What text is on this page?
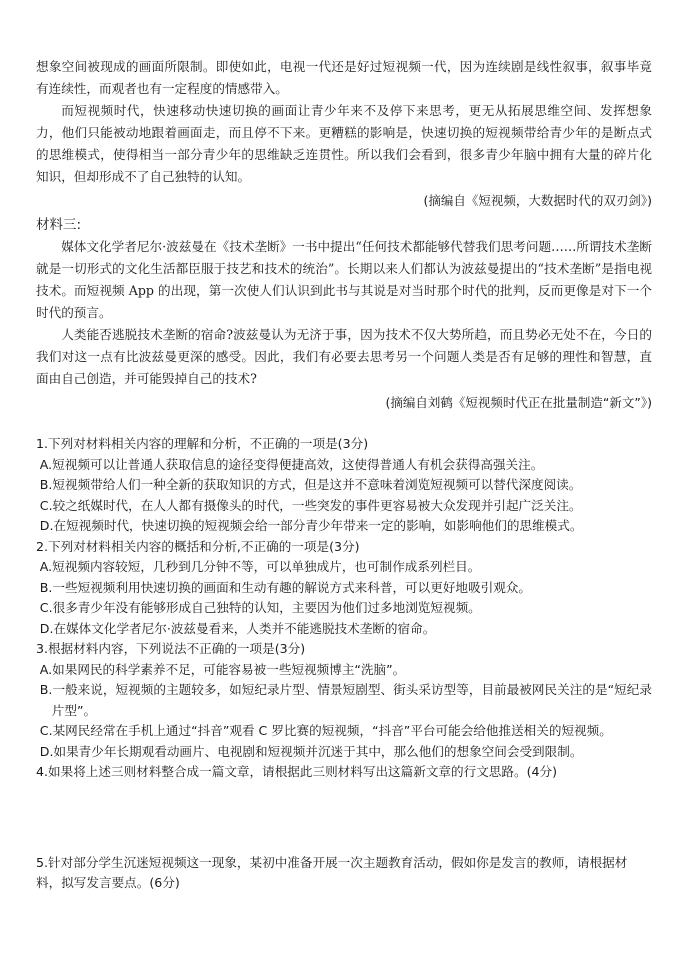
想象空间被现成的画面所限制。即使如此，电视一代还是好过短视频一代，因为连续剧是线性叙事，叙事毕竟有连续性，而观者也有一定程度的情感带入。

而短视频时代，快速移动快速切换的画面让青少年来不及停下来思考，更无从拓展思维空间、发挥想象力，他们只能被动地跟着画面走，而且停不下来。更糟糕的影响是，快速切换的短视频带给青少年的是断点式的思维模式，使得相当一部分青少年的思维缺乏连贯性。所以我们会看到，很多青少年脑中拥有大量的碎片化知识，但却形成不了自己独特的认知。

(摘编自《短视频，大数据时代的双刃剑》)

材料三:

媒体文化学者尼尔·波兹曼在《技术垄断》一书中提出“任何技术都能够代替我们思考问题……所谓技术垄断就是一切形式的文化生活都臣服于技艺和技术的统治”。长期以来人们都认为波兹曼提出的“技术垄断”是指电视技术。而短视频 App 的出现，第一次使人们认识到此书与其说是对当时那个时代的批判，反而更像是对下一个时代的预言。

人类能否逃脱技术垄断的宿命?波兹曼认为无济于事，因为技术不仅大势所趋，而且势必无处不在，今日的我们对这一点有比波兹曼更深的感受。因此，我们有必要去思考另一个问题人类是否有足够的理性和智慧，直面由自己创造，并可能毁掉自己的技术?

(摘编自刘鹤《短视频时代正在批量制造“新文”》)

1.下列对材料相关内容的理解和分析，不正确的一项是(3分)

A.短视频可以让普通人获取信息的途径变得便捷高效，这使得普通人有机会获得高强关注。

B.短视频带给人们一种全新的获取知识的方式，但是这并不意味着浏览短视频可以替代深度阅读。

C.较之纸媒时代，在人人都有摄像头的时代，一些突发的事件更容易被大众发现并引起广泛关注。

D.在短视频时代，快速切换的短视频会给一部分青少年带来一定的影响，如影响他们的思维模式。

2.下列对材料相关内容的概括和分析,不正确的一项是(3分)

A.短视频内容较短，几秒到几分钟不等，可以单独成片，也可制作成系列栏目。

B.一些短视频利用快速切换的画面和生动有趣的解说方式来科普，可以更好地吸引观众。

C.很多青少年没有能够形成自己独特的认知，主要因为他们过多地浏览短视频。

D.在媒体文化学者尼尔·波兹曼看来，人类并不能逃脱技术垄断的宿命。

3.根据材料内容，下列说法不正确的一项是(3分)

A.如果网民的科学素养不足，可能容易被一些短视频博主“洗脑”。

B.一般来说，短视频的主题较多，如短纪录片型、情景短剧型、街头采访型等，目前最被网民关注的是“短纪录片型”。

C.某网民经常在手机上通过“抖音”观看 C 罗比赛的短视频，“抖音”平台可能会给他推送相关的短视频。

D.如果青少年长期观看动画片、电视剧和短视频并沉迷于其中，那么他们的想象空间会受到限制。

4.如果将上述三则材料整合成一篇文章，请根据此三则材料写出这篇新文章的行文思路。(4分)

5.针对部分学生沉迷短视频这一现象，某初中准备开展一次主题教育活动，假如你是发言的教师，请根据材料，拟写发言要点。(6分)
